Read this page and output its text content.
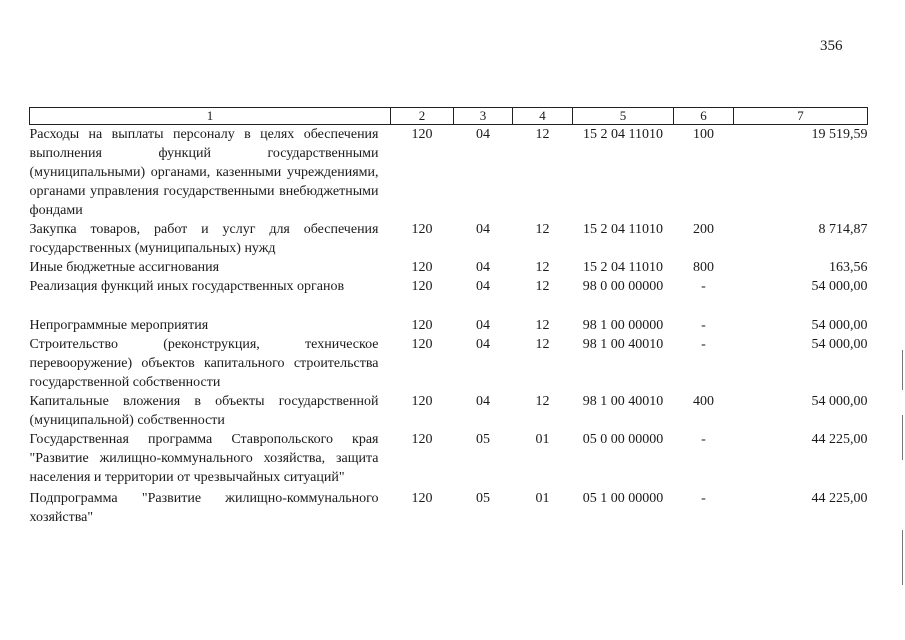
356
1	2	3	4	5	6	7
Расходы на выплаты персоналу в целях обеспечения выполнения функций государственными (муниципальными) органами, казенными учреждениями, органами управления государственными внебюджетными фондами	120	04	12	15 2 04 11010	100	19 519,59
Закупка товаров, работ и услуг для обеспечения государственных (муниципальных) нужд	120	04	12	15 2 04 11010	200	8 714,87
Иные бюджетные ассигнования	120	04	12	15 2 04 11010	800	163,56
Реализация функций иных государственных органов	120	04	12	98 0 00 00000	-	54 000,00
Непрограммные мероприятия	120	04	12	98 1 00 00000	-	54 000,00
Строительство (реконструкция, техническое перевооружение) объектов капитального строительства государственной собственности	120	04	12	98 1 00 40010	-	54 000,00
Капитальные вложения в объекты государственной (муниципальной) собственности	120	04	12	98 1 00 40010	400	54 000,00
Государственная программа Ставропольского края "Развитие жилищно-коммунального хозяйства, защита населения и территории от чрезвычайных ситуаций"	120	05	01	05 0 00 00000	-	44 225,00
Подпрограмма "Развитие жилищно-коммунального хозяйства"	120	05	01	05 1 00 00000	-	44 225,00
